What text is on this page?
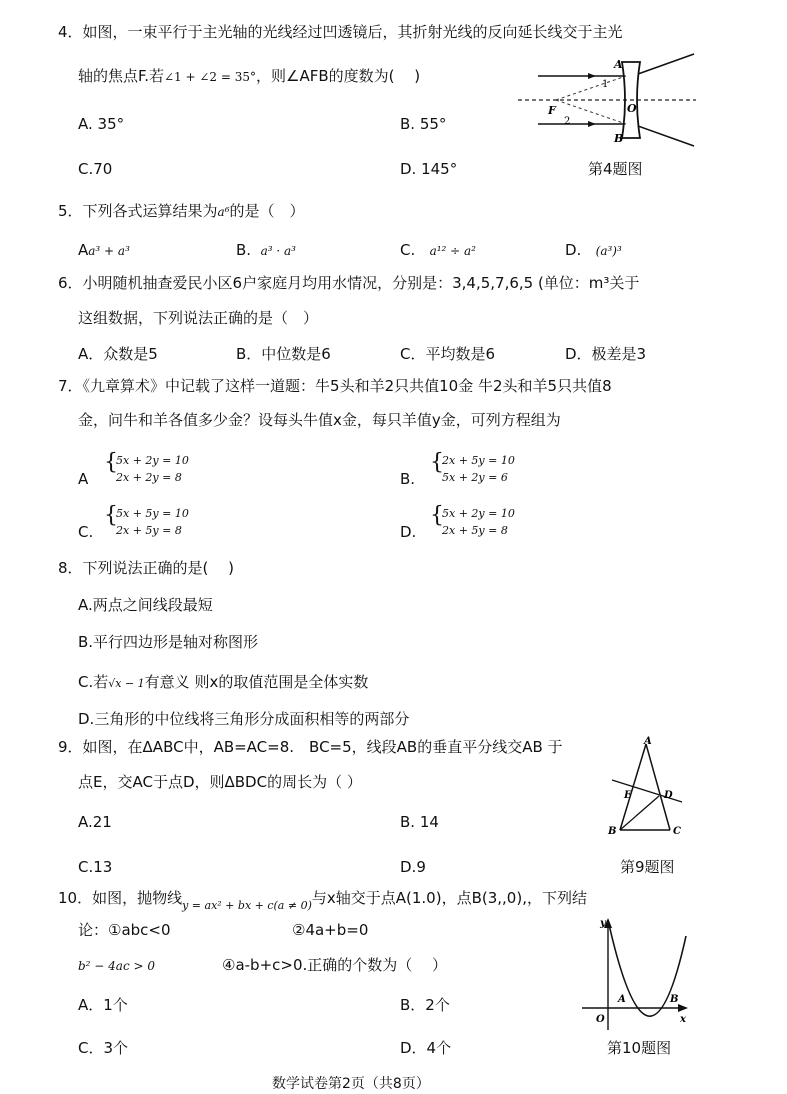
4．如图，一束平行于主光轴的光线经过凹透镜后，其折射光线的反向延长线交于主光
轴的焦点F.若∠1 + ∠2 = 35°，则∠AFB的度数为(　 )
A. 35°	B. 55°
C.70	D. 145°	第4题图
A
B
O
F
1
2
5．下列各式运算结果为a⁶的是（　）
Aa³ + a³	B. a³ · a³	C. a¹² ÷ a²	D. (a³)³
6．小明随机抽查爱民小区6户家庭月均用水情况，分别是：3,4,5,7,6,5 (单位：m³关于
这组数据，下列说法正确的是（　）
A．众数是5	B．中位数是6	C．平均数是6	D．极差是3
7．《九章算术》中记载了这样一道题：牛5头和羊2只共值10金 牛2头和羊5只共值8
金，问牛和羊各值多少金？设每头牛值x金，每只羊值y金，可列方程组为
A
{
5x + 2y = 10
2x + 2y = 8	B.
{
2x + 5y = 10
5x + 2y = 6
C.
{
5x + 5y = 10
2x + 5y = 8	D.
{
5x + 2y = 10
2x + 5y = 8
8．下列说法正确的是(　 )
A.两点之间线段最短
B.平行四边形是轴对称图形
C.若√x − 1有意义 则x的取值范围是全体实数
D.三角形的中位线将三角形分成面积相等的两部分
9．如图，在ΔABC中，AB=AC=8.　BC=5，线段AB的垂直平分线交AB 于
点E，交AC于点D，则ΔBDC的周长为（ ）
A.21	B. 14
C.13	D.9	第9题图
A
B	C
D
E
10．如图，抛物线$_{y = ax^2 + bx + c(a \ne 0)}$与x轴交于点A(1.0)，点B(3,,0),，下列结
论：①abc<0	②4a+b=0
b² − 4ac > 0	④a-b+c>0.正确的个数为（　 ）
A．1个	B．2个
C．3个	D．4个	第10题图
y
x
O
A	B
数学试卷第2页（共8页）
